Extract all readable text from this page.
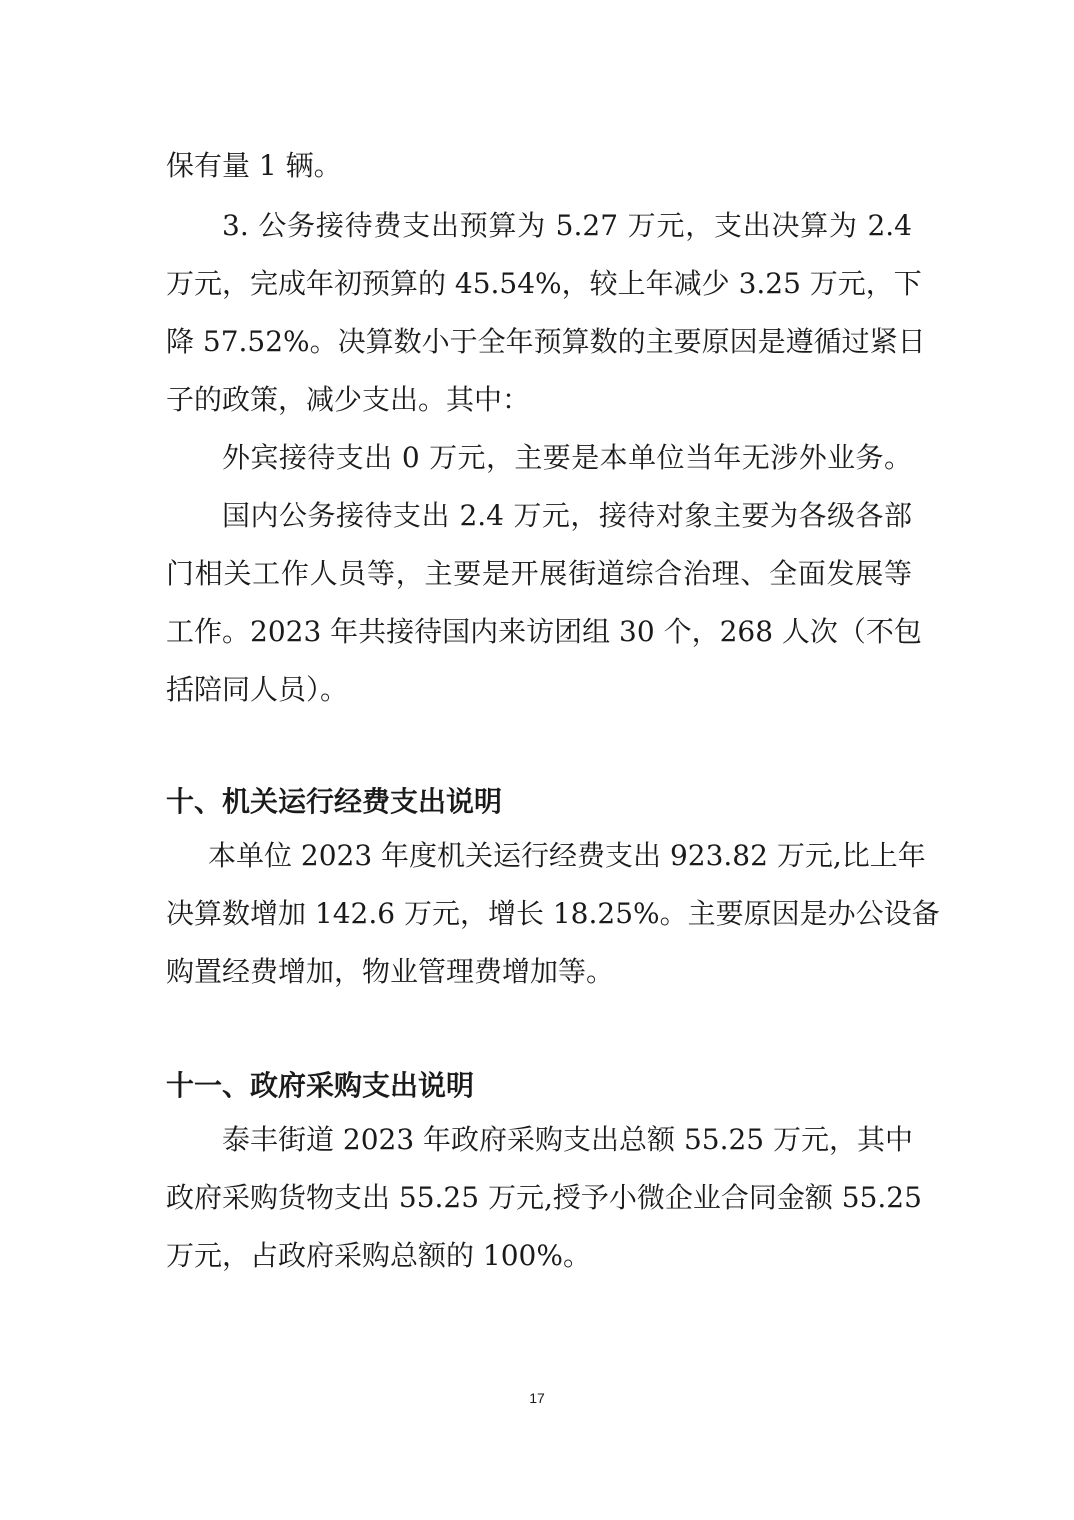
保有量 1 辆。
3. 公务接待费支出预算为 5.27 万元，支出决算为 2.4
万元，完成年初预算的 45.54%，较上年减少 3.25 万元，下
降 57.52%。决算数小于全年预算数的主要原因是遵循过紧日
子的政策，减少支出。其中：
外宾接待支出 0 万元，主要是本单位当年无涉外业务。
国内公务接待支出 2.4 万元，接待对象主要为各级各部
门相关工作人员等，主要是开展街道综合治理、全面发展等
工作。2023 年共接待国内来访团组 30 个，268 人次（不包
括陪同人员）。
十、机关运行经费支出说明
本单位 2023 年度机关运行经费支出 923.82 万元,比上年
决算数增加 142.6 万元，增长 18.25%。主要原因是办公设备
购置经费增加，物业管理费增加等。
十一、政府采购支出说明
泰丰街道 2023 年政府采购支出总额 55.25 万元，其中
政府采购货物支出 55.25 万元,授予小微企业合同金额 55.25
万元，占政府采购总额的 100%。
17
